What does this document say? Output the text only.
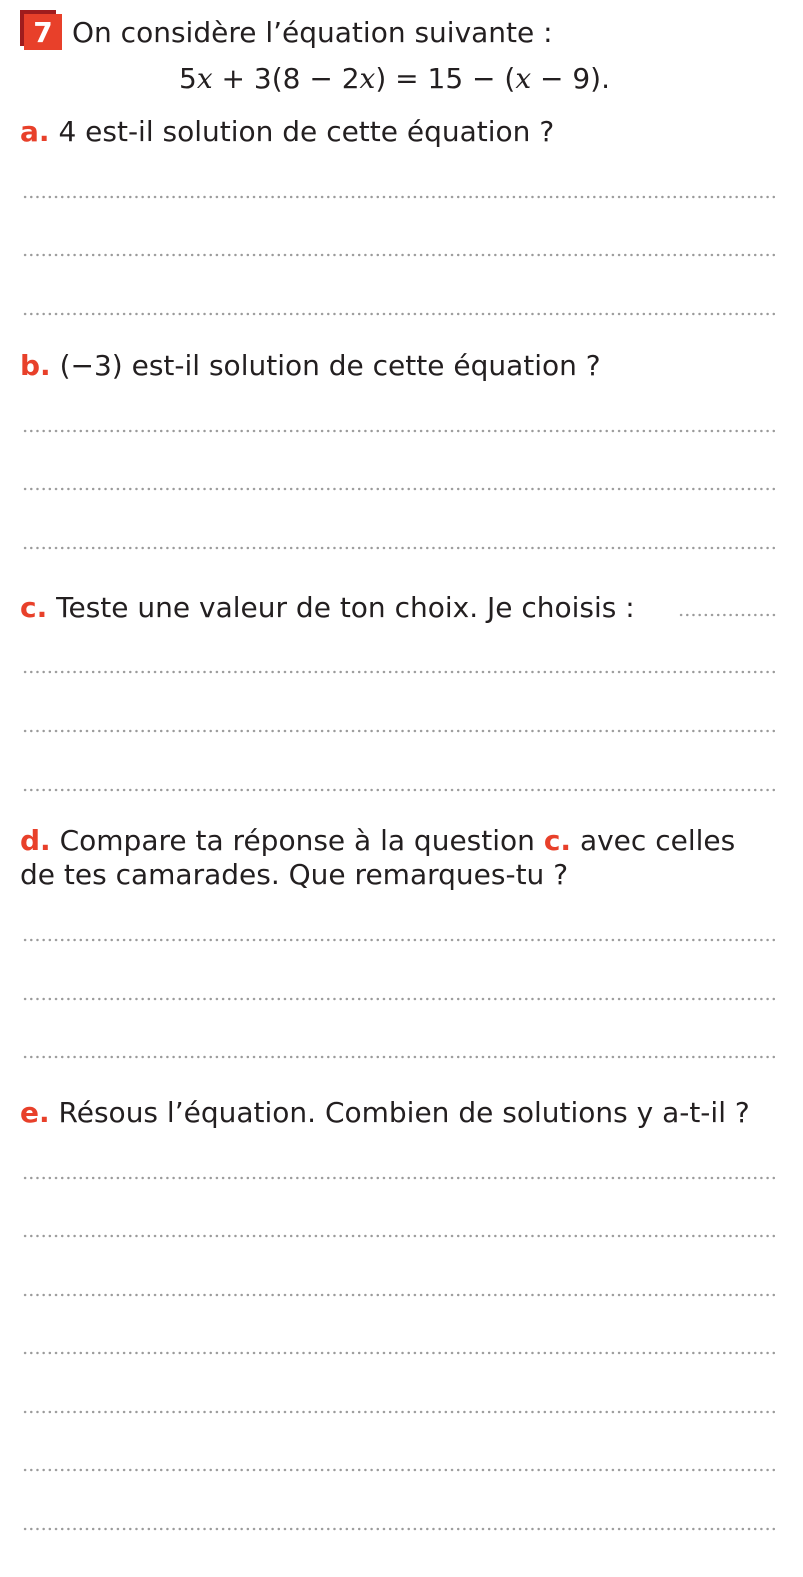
7 On considère l’équation suivante :
5x + 3(8 − 2x) = 15 − (x − 9).
a. 4 est-il solution de cette équation ?
b. (−3) est-il solution de cette équation ?
c. Teste une valeur de ton choix. Je choisis :
d. Compare ta réponse à la question c. avec celles
de tes camarades. Que remarques-tu ?
e. Résous l’équation. Combien de solutions y a-t-il ?
